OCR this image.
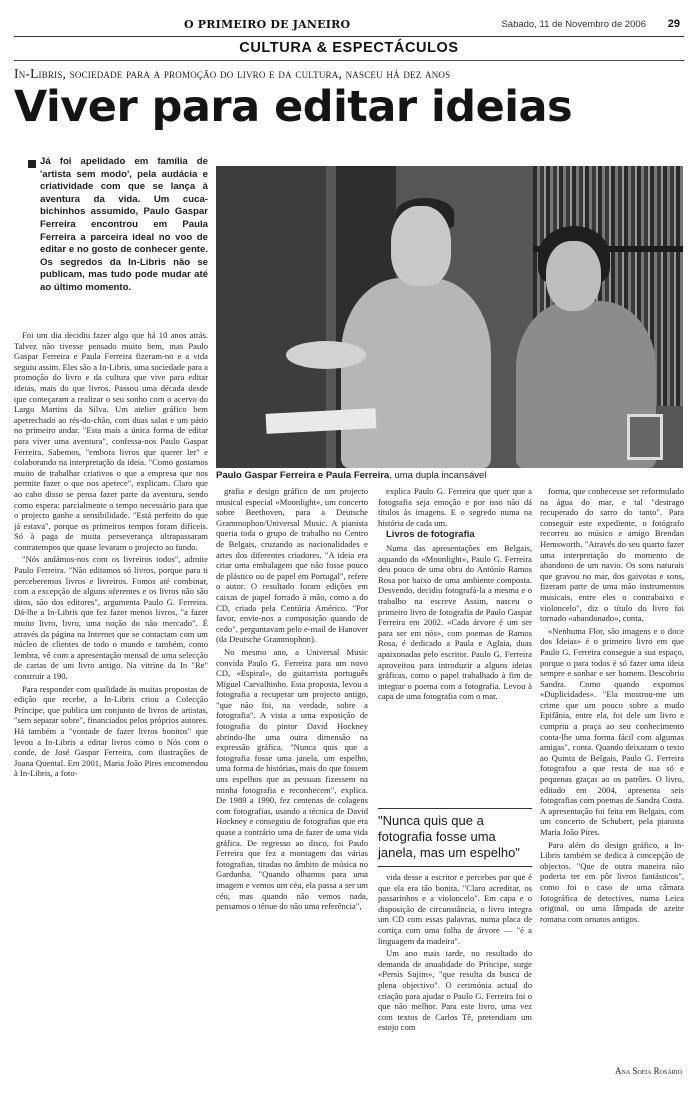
O PRIMEIRO DE JANEIRO	Sábado, 11 de Novembro de 2006 29
CULTURA & ESPECTÁCULOS
In-Libris, sociedade para a promoção do livro e da cultura, nasceu há dez anos
Viver para editar ideias
Já foi apelidado em família de 'artista sem modo', pela audácia e criatividade com que se lança à aventura da vida. Um cuca-bichinhos assumido, Paulo Gaspar Ferreira encontrou em Paula Ferreira a parceira ideal no voo de editar e no gosto de conhecer gente. Os segredos da In-Libris não se publicam, mas tudo pode mudar até ao último momento.
Paulo Gaspar Ferreira e Paula Ferreira, uma dupla incansável

Foi um dia decidiu fazer algo que há 10 anos atrás. Talvez não tivesse pensado muito bem, mas Paulo Gaspar Ferreira e Paula Ferreira fizeram-no e a vida seguiu assim. Eles são a In-Libris, uma sociedade para a promoção do livro e da cultura que vive para editar ideias, mais do que livros. Passou uma década desde que começaram a realizar o seu sonho com o acervo do Largo Martins da Silva. Um atelier gráfico bem apetrechado ao rés-do-chão, com duas salas e um pátio no primeiro andar. "Esta mais a única forma de editar para viver uma aventura", confessa-nos Paulo Gaspar Ferreira. Sabemos, "embora livros que querer ler" e colaborando na interpretação da ideia. "Como gostamos muito de trabalhar criativos o que a empresa que nos permite fazer o que nos apetece", explicam. Claro que ao cabo disso se pensa fazer parte da aventura, sendo como espera: parcialmente o tempo necessário para que o projecto ganhe a sensibilidade. "Está perfeito do que já estava", porque os primeiros tempos foram difíceis. Só à paga de muita perseverança ultrapassaram contratempos que quase levaram o projecto ao fundo.

"Nós andámos-nos com os livreiros todos", admite Paulo Ferreira. "Não editamos só livros, porque para ti perceberemos livros e livreiros. Fomos até combinar, com a excepção de alguns oferentes e os livros não são ditos, são dos editores", argumenta Paulo G. Ferreira. Dá-lhe a In-Libris que fez fazer menos livros, "a fazer muito livro, livro, uma noção do não mercado". É através da página na Internet que se contactam com um núcleo de clientes de todo o mundo e também, como lembra, vê com a apresentação mensal de uma selecção de cartas de um livro antigo. Na vitrine da In "Re" construir a 190.

Para responder com qualidade às muitas propostas de edição que recebe, a In-Libris criou a Colecção Príncipe, que publica um conjunto de livros de artistas, "sem separar sobre", financiados pelos próprios autores. Há também a "vontade de fazer livros bonitos" que levou a In-Libris a editar livros como o Nós com o conde, de José Gaspar Ferreira, com ilustrações de Joana Quental. Em 2001, Maria João Pires encomendou à In-Libris, a foto-

grafia e design gráfico de um projecto musical especial «Moonlight», um concerto sobre Beethoven, para a Deutsche Grammophon/Universal Music. A pianista queria toda o grupo de trabalho no Centro de Belgais, cruzando as nacionalidades e artes dos diferentes criadores. "A ideia era criar uma embalagem que não fosse pouco de plástico ou de papel em Portugal", refere o autor. O resultado foram edições em caixas de papel forrado à mão, como a do CD, criada pela Centúria Américo. "Por favor, envie-nos a composição quando de cedo", perguntavam pelo e-mail de Hanover (da Deutsche Grammophon).

No mesmo ano, a Universal Music convida Paulo G. Ferreira para um novo CD, «Espiral», do guitarrista português Miguel Carvalhinho. Esta proposta, levou a fotografia a recuperar um projecto antigo, "que não foi, na verdade, sobre a fotografia". A vista a uma exposição de fotografia do pintor David Hockney abrindo-lhe uma outra dimensão na expressão gráfica. "Nunca quis que a fotografia fosse uma janela, um espelho, uma forma de histórias, mais do que fossem uns espelhos que as pessoas fizessem na minha fotografia e reconhecem", explica. De 1989 a 1990, fez centenas de colagens com fotografias, usando a técnica de David Hockney e conseguiu de fotografias que era quase a contrário uma de fazer de uma vida gráfica. De regresso ao disco, foi Paulo Ferreira que fez a montagem das várias fotografias, tiradas no âmbito de música no Gardunha. "Quando olhamos para uma imagem e vemos um céu, ela passa a ser um céu, mas quando não vemos nada, pensamos o tênue do não uma referência",

explica Paulo G. Ferreira que quer que a fotografia seja emoção e por isso não dá títulos às imagens. E o segredo numa na história de cada um.

Livros de fotografia

Numa das apresentações em Belgais, aquando do «Moonlight», Paulo G. Ferreira deu pouco de uma obra do António Ramos Rosa por baixo de uma ambiente composta. Desvendo, decidiu fotografá-la a mesma e o trabalho na escreve Assim, nasceu o primeiro livro de fotografia de Paulo Gaspar Ferreira em 2002. «Cada árvore é um ser para ser em nós», com poemas de Ramos Rosa, é dedicado a Paula e Aglaia, duas apaixonadas pelo escritor. Paulo G. Ferreira aproveitou para introduzir a alguns ideias gráficas, como o papel trabalhado à fim de integrar o poema com a fotografia. Levou à capa de uma fotografia com o mar.

"Nunca quis que a
fotografia fosse uma
janela, mas um espelho"

vida desse a escritor e percebes por que é que ela era tão bonita. "Claro acreditar, os passarinhos e a violoncelo". Em capa e o disposição de circunstância, o livro integra um CD com essas palavras, numa placa de cortiça com uma folha de árvore — "é a linguagem da madeira".

Um ano mais tarde, no resultado do demanda de anualidade do Príncipe, surge «Persis Sujim», "que resulta da busca de plena objectivo". O cerimónia actual do criação para ajudar o Paulo G. Ferreira foi o que não melhor. Para este livro, uma vez com textos de Carlos Tê, pretendiam um estojo com

forma, que conhecesse ser reformulado na água do mar, e tal "destrago recuperado do sarro do tanto". Para conseguir este expediente, o fotógrafo recorreu ao músico e amigo Brendan Hemsworth. "Através do seu quarto fazer uma interpretação do momento de abandono de um navio. Os sons naturais que gravou no mar, dos gaivotas e sons, fizeram parte de uma mão instrumentos musicais, entre eles o contrabaixo e violoncelo", diz o título do livro foi tornado «abandonado», conta.

«Nenhuma Flor, são imagens e o doce dos Ideias» é o primeiro livro em que Paulo G. Ferreira consegue a sua espaço, porque o para todos é só fazer uma ideia sempre e sonhar e ser homem. Descobriu Sandra. Como quando expomos «Duplicidades». "Ela mostrou-me um crime que um pouco sobre a mudo Epifânia, entre ela, foi dele um livro e cumpriu a praça ao seu conhecimento conta-lhe uma forma fácil com algumas amigas", conta. Quando deixaram o texto ao Quinta de Belgais, Paulo G. Ferreira fotografou a que resta de sua só e pequenas graças ao os patrões. O livro, editado em 2004, apresenta seis fotografias com poemas de Sandra Costa. A apresentação foi feita em Belgais, com um concerto de Schubert, pela pianista Maria João Pires.

Para além do design gráfico, a In-Libris também se dedica à concepção de objectos. "Que de outra maneira não poderia ter em pôr livros fantásticos", como foi o caso de uma câmara fotográfica de detectives, numa Leica original, ou uma lâmpada de azeite romana com ornatos antigos.

Ana Sofia Rosário
